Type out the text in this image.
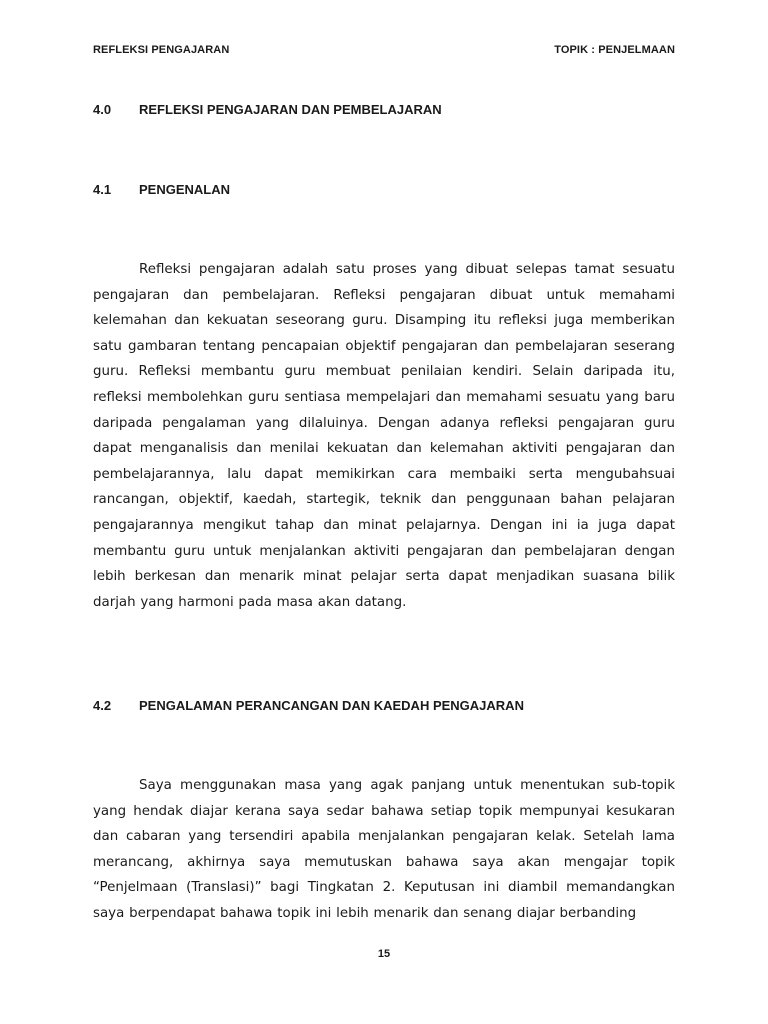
REFLEKSI PENGAJARAN	TOPIK : PENJELMAAN
4.0 REFLEKSI PENGAJARAN DAN PEMBELAJARAN
4.1 PENGENALAN

Refleksi pengajaran adalah satu proses yang dibuat selepas tamat sesuatu pengajaran dan pembelajaran. Refleksi pengajaran dibuat untuk memahami kelemahan dan kekuatan seseorang guru. Disamping itu refleksi juga memberikan satu gambaran tentang pencapaian objektif pengajaran dan pembelajaran seserang guru. Refleksi membantu guru membuat penilaian kendiri. Selain daripada itu, refleksi membolehkan guru sentiasa mempelajari dan memahami sesuatu yang baru daripada pengalaman yang dilaluinya. Dengan adanya refleksi pengajaran guru dapat menganalisis dan menilai kekuatan dan kelemahan aktiviti pengajaran dan pembelajarannya, lalu dapat memikirkan cara membaiki serta mengubahsuai rancangan, objektif, kaedah, startegik, teknik dan penggunaan bahan pelajaran pengajarannya mengikut tahap dan minat pelajarnya. Dengan ini ia juga dapat membantu guru untuk menjalankan aktiviti pengajaran dan pembelajaran dengan lebih berkesan dan menarik minat pelajar serta dapat menjadikan suasana bilik darjah yang harmoni pada masa akan datang.

4.2 PENGALAMAN PERANCANGAN DAN KAEDAH PENGAJARAN

Saya menggunakan masa yang agak panjang untuk menentukan sub-topik yang hendak diajar kerana saya sedar bahawa setiap topik mempunyai kesukaran dan cabaran yang tersendiri apabila menjalankan pengajaran kelak. Setelah lama merancang, akhirnya saya memutuskan bahawa saya akan mengajar topik “Penjelmaan (Translasi)” bagi Tingkatan 2. Keputusan ini diambil memandangkan saya berpendapat bahawa topik ini lebih menarik dan senang diajar berbanding

15
